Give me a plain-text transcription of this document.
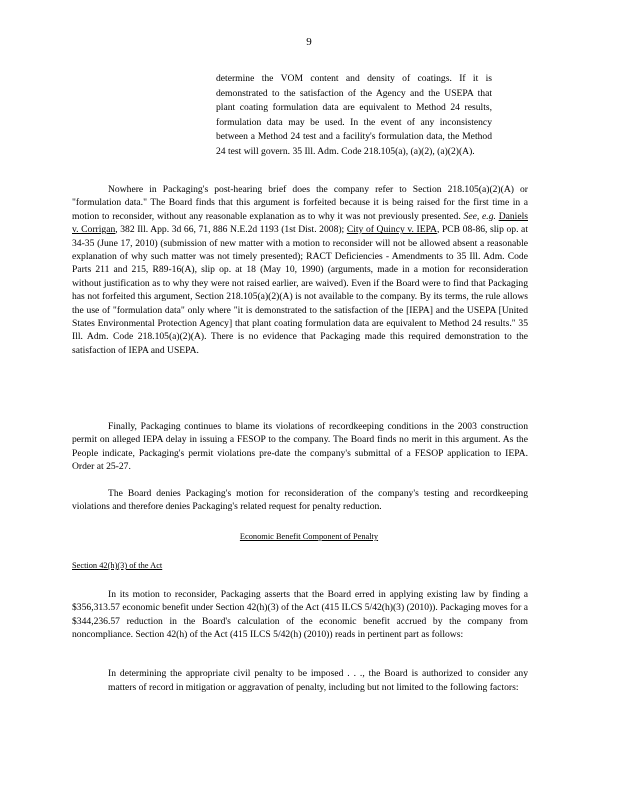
9
determine the VOM content and density of coatings. If it is demonstrated to the satisfaction of the Agency and the USEPA that plant coating formulation data are equivalent to Method 24 results, formulation data may be used. In the event of any inconsistency between a Method 24 test and a facility's formulation data, the Method 24 test will govern. 35 Ill. Adm. Code 218.105(a), (a)(2), (a)(2)(A).
Nowhere in Packaging's post-hearing brief does the company refer to Section 218.105(a)(2)(A) or "formulation data." The Board finds that this argument is forfeited because it is being raised for the first time in a motion to reconsider, without any reasonable explanation as to why it was not previously presented. See, e.g. Daniels v. Corrigan, 382 Ill. App. 3d 66, 71, 886 N.E.2d 1193 (1st Dist. 2008); City of Quincy v. IEPA, PCB 08-86, slip op. at 34-35 (June 17, 2010) (submission of new matter with a motion to reconsider will not be allowed absent a reasonable explanation of why such matter was not timely presented); RACT Deficiencies - Amendments to 35 Ill. Adm. Code Parts 211 and 215, R89-16(A), slip op. at 18 (May 10, 1990) (arguments, made in a motion for reconsideration without justification as to why they were not raised earlier, are waived). Even if the Board were to find that Packaging has not forfeited this argument, Section 218.105(a)(2)(A) is not available to the company. By its terms, the rule allows the use of "formulation data" only where "it is demonstrated to the satisfaction of the [IEPA] and the USEPA [United States Environmental Protection Agency] that plant coating formulation data are equivalent to Method 24 results." 35 Ill. Adm. Code 218.105(a)(2)(A). There is no evidence that Packaging made this required demonstration to the satisfaction of IEPA and USEPA.
Finally, Packaging continues to blame its violations of recordkeeping conditions in the 2003 construction permit on alleged IEPA delay in issuing a FESOP to the company. The Board finds no merit in this argument. As the People indicate, Packaging's permit violations pre-date the company's submittal of a FESOP application to IEPA. Order at 25-27.
The Board denies Packaging's motion for reconsideration of the company's testing and recordkeeping violations and therefore denies Packaging's related request for penalty reduction.
Economic Benefit Component of Penalty
Section 42(h)(3) of the Act
In its motion to reconsider, Packaging asserts that the Board erred in applying existing law by finding a $356,313.57 economic benefit under Section 42(h)(3) of the Act (415 ILCS 5/42(h)(3) (2010)). Packaging moves for a $344,236.57 reduction in the Board's calculation of the economic benefit accrued by the company from noncompliance. Section 42(h) of the Act (415 ILCS 5/42(h) (2010)) reads in pertinent part as follows:
In determining the appropriate civil penalty to be imposed . . ., the Board is authorized to consider any matters of record in mitigation or aggravation of penalty, including but not limited to the following factors:
